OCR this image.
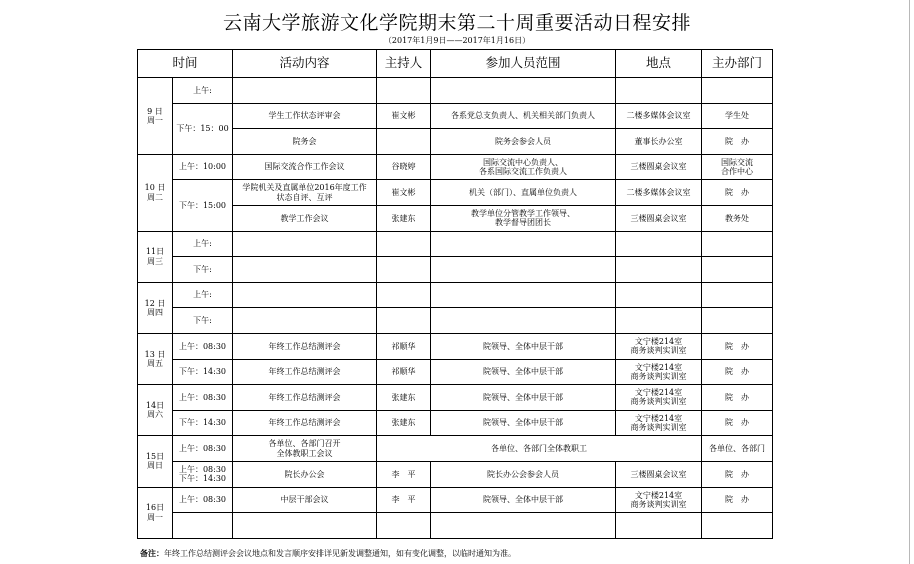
云南大学旅游文化学院期末第二十周重要活动日程安排
（2017年1月9日——2017年1月16日）
时间		活动内容	主持人	参加人员范围	地点	主办部门
9 日
周一	上午:					
	下午：15：00	学生工作状态评审会	崔文彬	各系党总支负责人、机关相关部门负责人	二楼多媒体会议室	学生处
		院务会		院务会参会人员	董事长办公室	院　办
10 日
周二	上午：10:00	国际交流合作工作会议	谷晓婷	国际交流中心负责人、
各系国际交流工作负责人	三楼圆桌会议室	国际交流
合作中心
	下午：15:00	学院机关及直属单位2016年度工作
状态自评、互评	崔文彬	机关（部门）、直属单位负责人	二楼多媒体会议室	院　办
		教学工作会议	张建东	教学单位分管教学工作领导、
教学督导团团长	三楼圆桌会议室	教务处
11日
周三	上午:					
	下午:					
12 日
周四	上午:					
	下午:					
13 日
周五	上午：08:30	年终工作总结测评会	祁顺华	院领导、全体中层干部	文宁楼214室
商务谈判实训室	院　办
	下午：14:30	年终工作总结测评会	祁顺华	院领导、全体中层干部	文宁楼214室
商务谈判实训室	院　办
14日
周六	上午：08:30	年终工作总结测评会	张建东	院领导、全体中层干部	文宁楼214室
商务谈判实训室	院　办
	下午：14:30	年终工作总结测评会	张建东	院领导、全体中层干部	文宁楼214室
商务谈判实训室	院　办
15日
周日	上午：08:30	各单位、各部门召开
全体教职工会议	各单位、各部门全体教职工			各单位、各部门
	上午：08:30
下午：14:30	院长办公会	李　平	院长办公会参会人员	三楼圆桌会议室	院　办
16日
周一	上午：08:30	中层干部会议	李　平	院领导、全体中层干部	文宁楼214室
商务谈判实训室	院　办

备注：年终工作总结测评会会议地点和发言顺序安排详见新发调整通知，如有变化调整，以临时通知为准。
